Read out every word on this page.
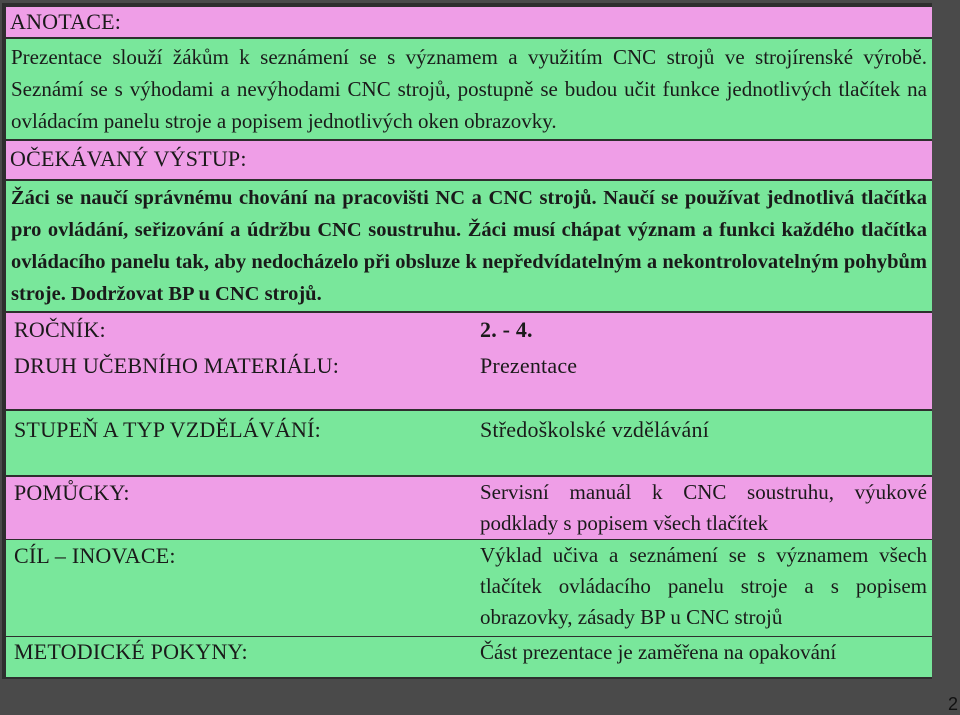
ANOTACE:
Prezentace slouží žákům k seznámení se s významem a využitím CNC strojů ve strojírenské výrobě. Seznámí se s výhodami a nevýhodami CNC strojů, postupně se budou učit funkce jednotlivých tlačítek na ovládacím panelu stroje a popisem jednotlivých oken obrazovky.
OČEKÁVANÝ VÝSTUP:
Žáci se naučí správnému chování na pracovišti NC a CNC strojů. Naučí se používat jednotlivá tlačítka pro ovládání, seřizování a údržbu CNC soustruhu. Žáci musí chápat význam a funkci každého tlačítka ovládacího panelu tak, aby nedocházelo při obsluze k nepředvídatelným a nekontrolovatelným pohybům stroje. Dodržovat BP u CNC strojů.
ROČNÍK:	2. - 4.
DRUH UČEBNÍHO MATERIÁLU:	Prezentace
STUPEŇ A TYP VZDĚLÁVÁNÍ:	Středoškolské vzdělávání
POMŮCKY:	Servisní manuál k CNC soustruhu, výukové podklady s popisem všech tlačítek
CÍL – INOVACE:	Výklad učiva a seznámení se s významem všech tlačítek ovládacího panelu stroje a s popisem obrazovky, zásady BP u CNC strojů
METODICKÉ POKYNY:	Část prezentace je zaměřena na opakování
2
